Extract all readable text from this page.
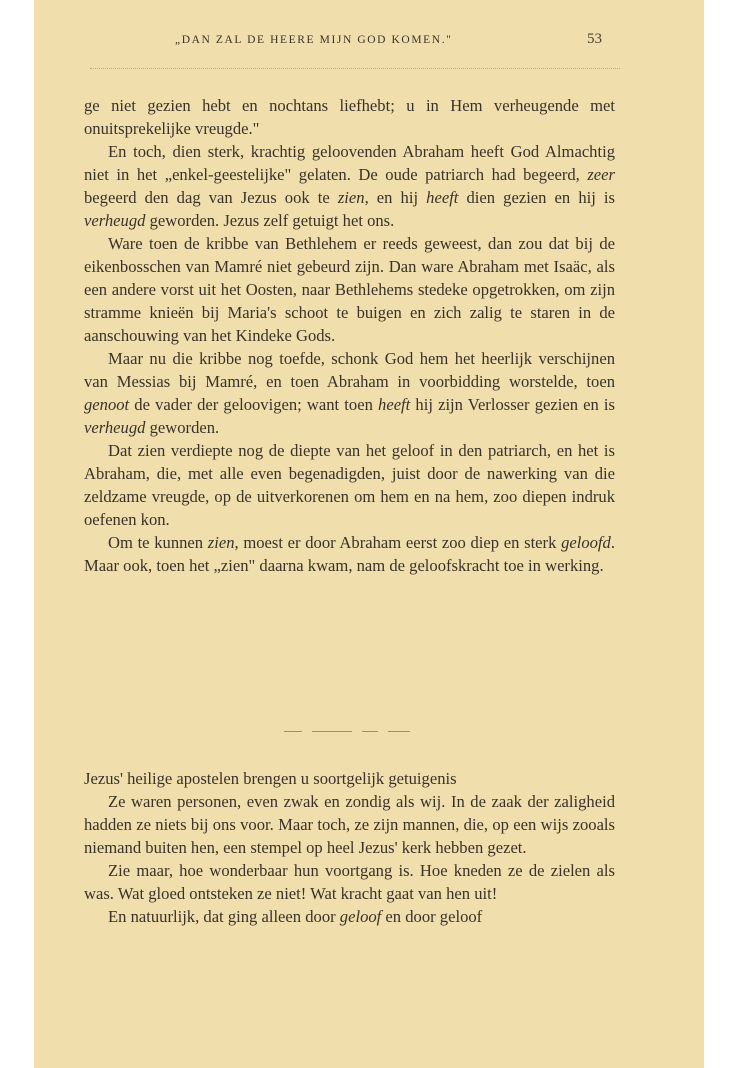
„DAN ZAL DE HEERE MIJN GOD KOMEN."	53

ge niet gezien hebt en nochtans liefhebt; u in Hem verheugende met onuitsprekelijke vreugde."

En toch, dien sterk, krachtig geloovenden Abraham heeft God Almachtig niet in het „enkel-geestelijke" gelaten. De oude patriarch had begeerd, zeer begeerd den dag van Jezus ook te zien, en hij heeft dien gezien en hij is verheugd geworden. Jezus zelf getuigt het ons.

Ware toen de kribbe van Bethlehem er reeds geweest, dan zou dat bij de eikenbosschen van Mamré niet gebeurd zijn. Dan ware Abraham met Isaäc, als een andere vorst uit het Oosten, naar Bethlehems stedeke opgetrokken, om zijn stramme knieën bij Maria's schoot te buigen en zich zalig te staren in de aanschouwing van het Kindeke Gods.

Maar nu die kribbe nog toefde, schonk God hem het heerlijk verschijnen van Messias bij Mamré, en toen Abraham in voorbidding worstelde, toen genoot de vader der geloovigen; want toen heeft hij zijn Verlosser gezien en is verheugd geworden.

Dat zien verdiepte nog de diepte van het geloof in den patriarch, en het is Abraham, die, met alle even begenadigden, juist door de nawerking van die zeldzame vreugde, op de uitverkorenen om hem en na hem, zoo diepen indruk oefenen kon.

Om te kunnen zien, moest er door Abraham eerst zoo diep en sterk geloofd. Maar ook, toen het „zien" daarna kwam, nam de geloofskracht toe in werking.

Jezus' heilige apostelen brengen u soortgelijk getuigenis

Ze waren personen, even zwak en zondig als wij. In de zaak der zaligheid hadden ze niets bij ons voor. Maar toch, ze zijn mannen, die, op een wijs zooals niemand buiten hen, een stempel op heel Jezus' kerk hebben gezet.

Zie maar, hoe wonderbaar hun voortgang is. Hoe kneden ze de zielen als was. Wat gloed ontsteken ze niet! Wat kracht gaat van hen uit!

En natuurlijk, dat ging alleen door geloof en door geloof
